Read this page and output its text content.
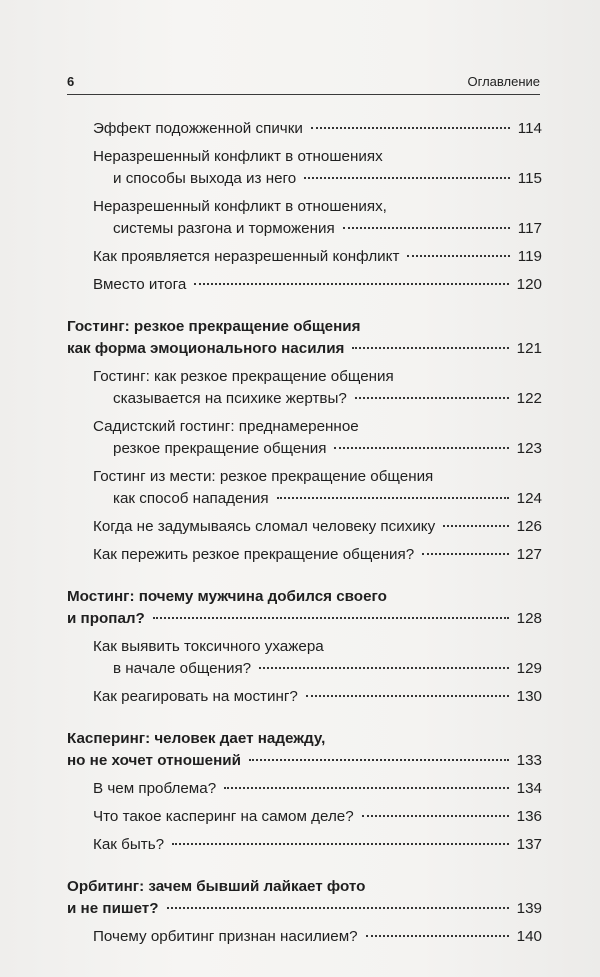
6	Оглавление
Эффект подожженной спички	114
Неразрешенный конфликт в отношениях
и способы выхода из него	115
Неразрешенный конфликт в отношениях,
системы разгона и торможения	117
Как проявляется неразрешенный конфликт	119
Вместо итога	120
Гостинг: резкое прекращение общения
как форма эмоционального насилия	121
Гостинг: как резкое прекращение общения
сказывается на психике жертвы?	122
Садистский гостинг: преднамеренное
резкое прекращение общения	123
Гостинг из мести: резкое прекращение общения
как способ нападения	124
Когда не задумываясь сломал человеку психику	126
Как пережить резкое прекращение общения?	127
Мостинг: почему мужчина добился своего
и пропал?	128
Как выявить токсичного ухажера
в начале общения?	129
Как реагировать на мостинг?	130
Касперинг: человек дает надежду,
но не хочет отношений	133
В чем проблема?	134
Что такое касперинг на самом деле?	136
Как быть?	137
Орбитинг: зачем бывший лайкает фото
и не пишет?	139
Почему орбитинг признан насилием?	140
